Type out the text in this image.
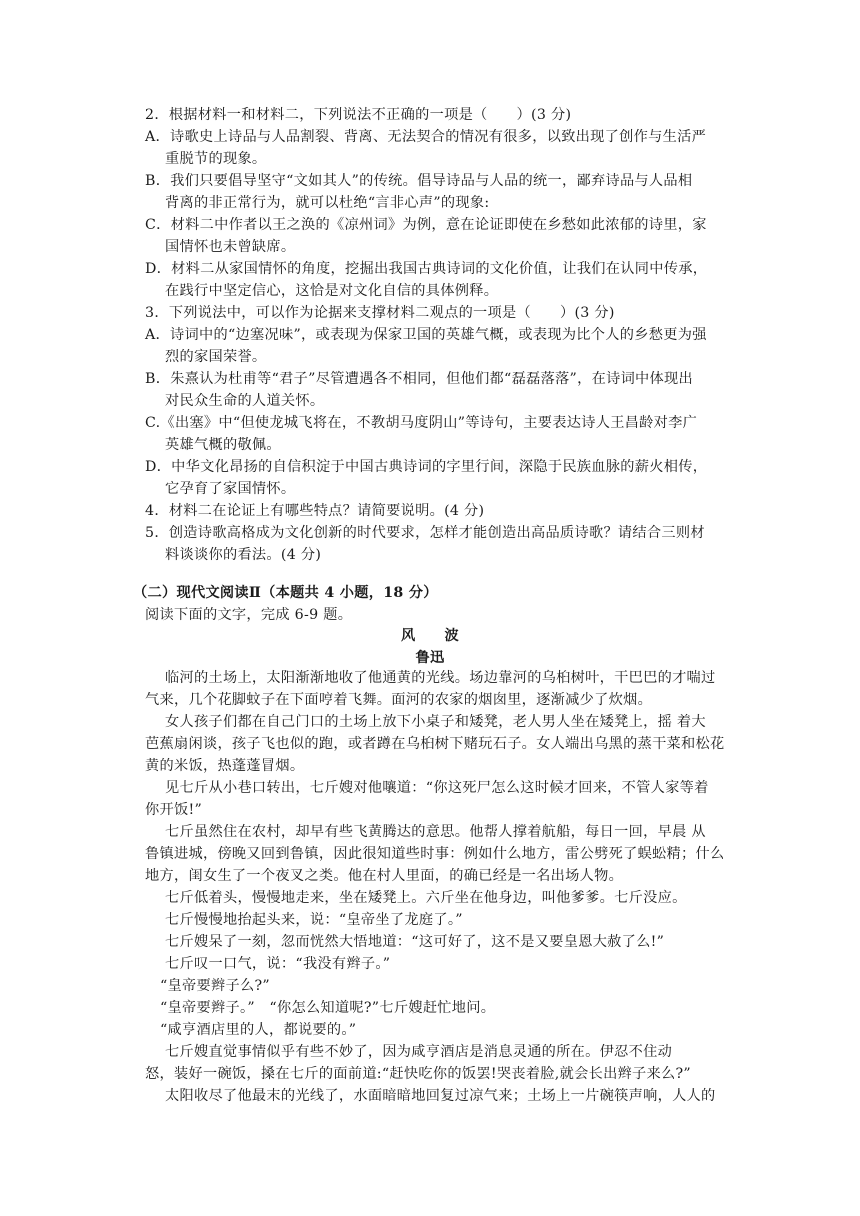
2．根据材料一和材料二，下列说法不正确的一项是（　　）(3 分)
A．诗歌史上诗品与人品割裂、背离、无法契合的情况有很多，以致出现了创作与生活严
重脱节的现象。
B．我们只要倡导坚守“文如其人”的传统。倡导诗品与人品的统一，鄙弃诗品与人品相
背离的非正常行为，就可以杜绝“言非心声”的现象:
C．材料二中作者以王之涣的《凉州词》为例，意在论证即使在乡愁如此浓郁的诗里，家
国情怀也未曾缺席。
D．材料二从家国情怀的角度，挖掘出我国古典诗词的文化价值，让我们在认同中传承，
在践行中坚定信心，这恰是对文化自信的具体例释。
3．下列说法中，可以作为论据来支撑材料二观点的一项是（　　）(3 分)
A．诗词中的“边塞况味”，或表现为保家卫国的英雄气概，或表现为比个人的乡愁更为强
烈的家国荣誉。
B．朱熹认为杜甫等“君子”尽管遭遇各不相同，但他们都“磊磊落落”，在诗词中体现出
对民众生命的人道关怀。
C.《出塞》中“但使龙城飞将在，不教胡马度阴山”等诗句，主要表达诗人王昌龄对李广
英雄气概的敬佩。
D．中华文化昂扬的自信积淀于中国古典诗词的字里行间，深隐于民族血脉的薪火相传，
它孕育了家国情怀。
4．材料二在论证上有哪些特点？请简要说明。(4 分)
5．创造诗歌高格成为文化创新的时代要求，怎样才能创造出高品质诗歌？请结合三则材
料谈谈你的看法。(4 分)
（二）现代文阅读Ⅱ（本题共 4 小题，18 分）
阅读下面的文字，完成 6-9 题。
风　　波
鲁迅
临河的土场上，太阳渐渐地收了他通黄的光线。场边靠河的乌桕树叶，干巴巴的才喘过
气来，几个花脚蚊子在下面哼着飞舞。面河的农家的烟囱里，逐渐减少了炊烟。
女人孩子们都在自己门口的土场上放下小桌子和矮凳，老人男人坐在矮凳上，摇 着大
芭蕉扇闲谈，孩子飞也似的跑，或者蹲在乌桕树下赌玩石子。女人端出乌黑的蒸干菜和松花
黄的米饭，热蓬蓬冒烟。
见七斤从小巷口转出，七斤嫂对他嚷道：“你这死尸怎么这时候才回来，不管人家等着
你开饭!”
七斤虽然住在农村，却早有些飞黄腾达的意思。他帮人撑着航船，每日一回，早晨 从
鲁镇进城，傍晚又回到鲁镇，因此很知道些时事：例如什么地方，雷公劈死了蜈蚣精；什么
地方，闺女生了一个夜叉之类。他在村人里面，的确已经是一名出场人物。
七斤低着头，慢慢地走来，坐在矮凳上。六斤坐在他身边，叫他爹爹。七斤没应。
七斤慢慢地抬起头来，说：“皇帝坐了龙庭了。”
七斤嫂呆了一刻，忽而恍然大悟地道：“这可好了，这不是又要皇恩大赦了么!”
七斤叹一口气，说：“我没有辫子。”
“皇帝要辫子么?”
“皇帝要辫子。”　“你怎么知道呢?”七斤嫂赶忙地问。
“咸亨酒店里的人，都说要的。”
七斤嫂直觉事情似乎有些不妙了，因为咸亨酒店是消息灵通的所在。伊忍不住动
怒，装好一碗饭，搡在七斤的面前道:“赶快吃你的饭罢!哭丧着脸,就会长出辫子来么?”
太阳收尽了他最末的光线了，水面暗暗地回复过凉气来；土场上一片碗筷声响，人人的
